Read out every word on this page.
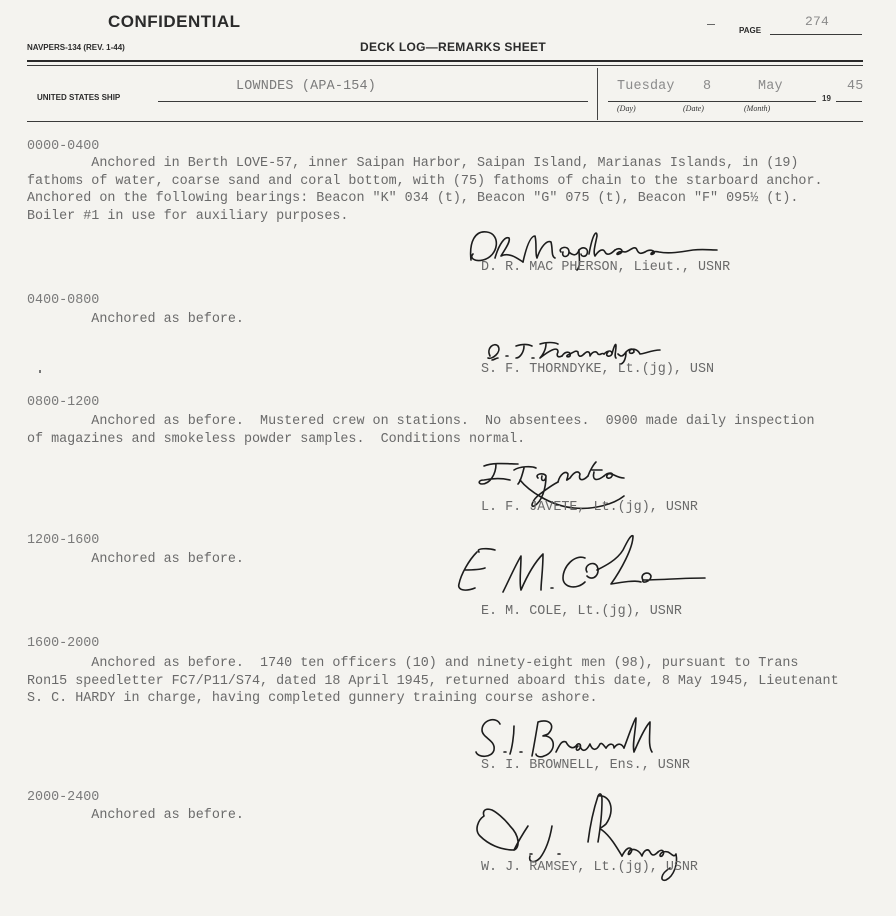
CONFIDENTIAL
NAVPERS-134 (REV. 1-44)	DECK LOG—REMARKS SHEET
PAGE
274
UNITED STATES SHIP
LOWNDES (APA-154)	Tuesday 8	May
19
45
(Day)	(Date)	(Month)
0000-0400
Anchored in Berth LOVE-57, inner Saipan Harbor, Saipan Island, Marianas Islands, in (19)
fathoms of water, coarse sand and coral bottom, with (75) fathoms of chain to the starboard anchor.
Anchored on the following bearings: Beacon "K" 034 (t), Beacon "G" 075 (t), Beacon "F" 095½ (t).
Boiler #1 in use for auxiliary purposes.
D. R. MAC PHERSON, Lieut., USNR
0400-0800
Anchored as before.
S. F. THORNDYKE, Lt.(jg), USN
0800-1200
Anchored as before.  Mustered crew on stations.  No absentees.  0900 made daily inspection
of magazines and smokeless powder samples.  Conditions normal.
L. F. JAVETE, Lt.(jg), USNR
1200-1600
Anchored as before.
E. M. COLE, Lt.(jg), USNR
1600-2000
Anchored as before.  1740 ten officers (10) and ninety-eight men (98), pursuant to Trans
Ron15 speedletter FC7/P11/S74, dated 18 April 1945, returned aboard this date, 8 May 1945, Lieutenant
S. C. HARDY in charge, having completed gunnery training course ashore.
S. I. BROWNELL, Ens., USNR
2000-2400
Anchored as before.
W. J. RAMSEY, Lt.(jg), USNR
